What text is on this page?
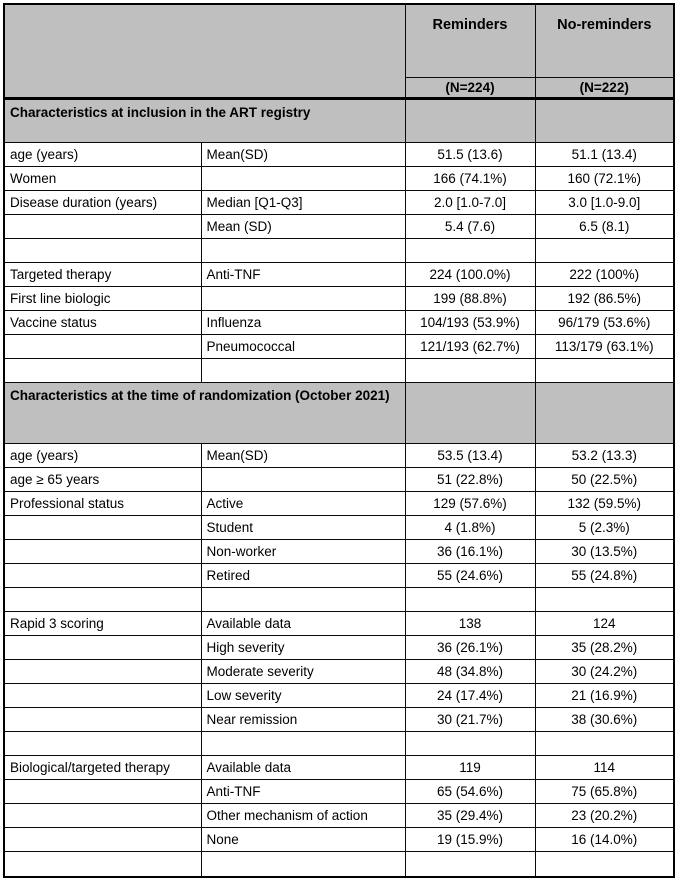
		Reminders	No-reminders
		(N=224)	(N=222)
Characteristics at inclusion in the ART registry			
age (years)	Mean(SD)	51.5 (13.6)	51.1 (13.4)
Women		166 (74.1%)	160 (72.1%)
Disease duration (years)	Median [Q1-Q3]	2.0 [1.0-7.0]	3.0 [1.0-9.0]
	Mean (SD)	5.4 (7.6)	6.5 (8.1)

Targeted therapy	Anti-TNF	224 (100.0%)	222 (100%)
First line biologic		199 (88.8%)	192 (86.5%)
Vaccine status	Influenza	104/193 (53.9%)	96/179 (53.6%)
	Pneumococcal	121/193 (62.7%)	113/179 (63.1%)

Characteristics at the time of randomization (October 2021)			
age (years)	Mean(SD)	53.5 (13.4)	53.2 (13.3)
age ≥ 65 years		51 (22.8%)	50 (22.5%)
Professional status	Active	129 (57.6%)	132 (59.5%)
	Student	4 (1.8%)	5 (2.3%)
	Non-worker	36 (16.1%)	30 (13.5%)
	Retired	55 (24.6%)	55 (24.8%)

Rapid 3 scoring	Available data	138	124
	High severity	36 (26.1%)	35 (28.2%)
	Moderate severity	48 (34.8%)	30 (24.2%)
	Low severity	24 (17.4%)	21 (16.9%)
	Near remission	30 (21.7%)	38 (30.6%)

Biological/targeted therapy	Available data	119	114
	Anti-TNF	65 (54.6%)	75 (65.8%)
	Other mechanism of action	35 (29.4%)	23 (20.2%)
	None	19 (15.9%)	16 (14.0%)
